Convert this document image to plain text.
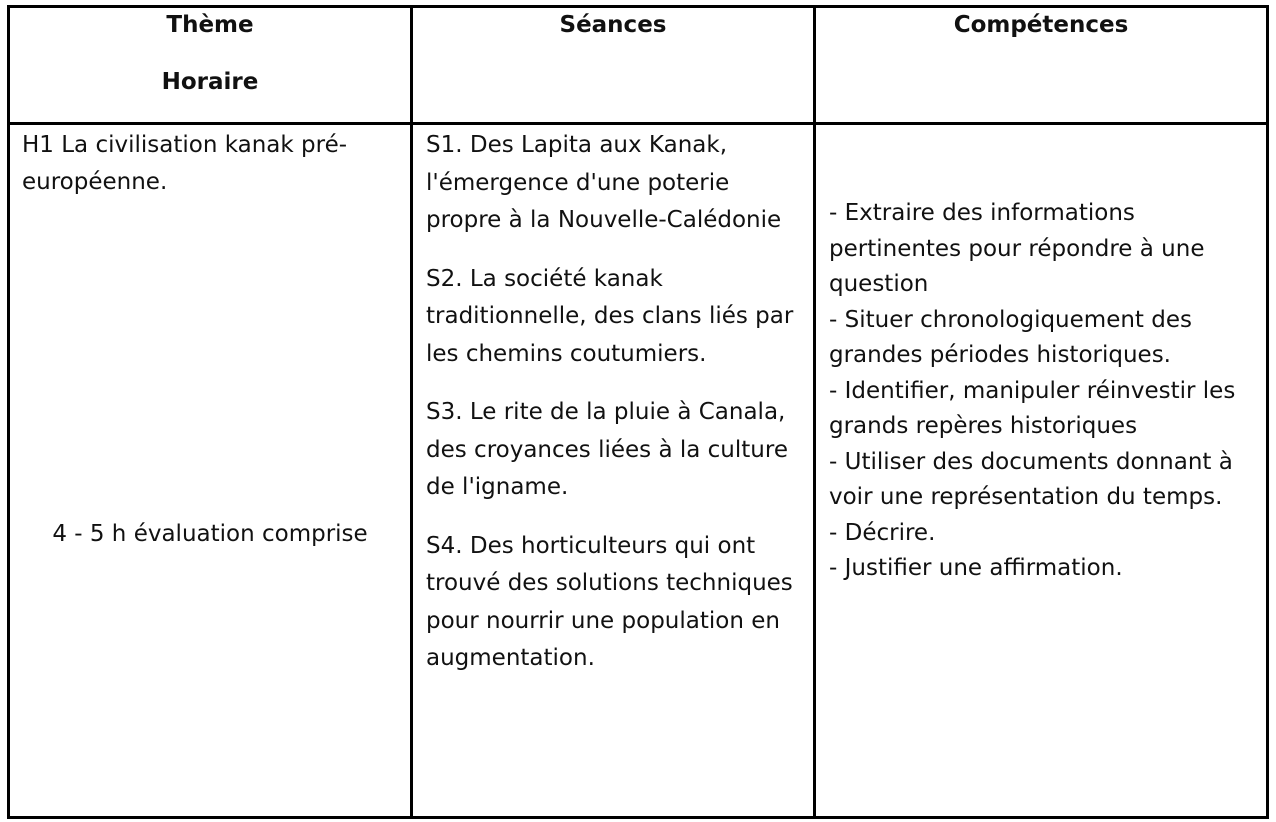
Thème
Horaire
Séances	Compétences

H1 La civilisation kanak pré-
européenne.

4 - 5 h évaluation comprise

S1. Des Lapita aux Kanak,
l'émergence d'une poterie
propre à la Nouvelle-Calédonie

S2. La société kanak
traditionnelle, des clans liés par
les chemins coutumiers.

S3. Le rite de la pluie à Canala,
des croyances liées à la culture
de l'igname.

S4. Des horticulteurs qui ont
trouvé des solutions techniques
pour nourrir une population en
augmentation.

- Extraire des informations
pertinentes pour répondre à une
question
- Situer chronologiquement des
grandes périodes historiques.
- Identifier, manipuler réinvestir les
grands repères historiques
- Utiliser des documents donnant à
voir une représentation du temps.
- Décrire.
- Justifier une affirmation.
